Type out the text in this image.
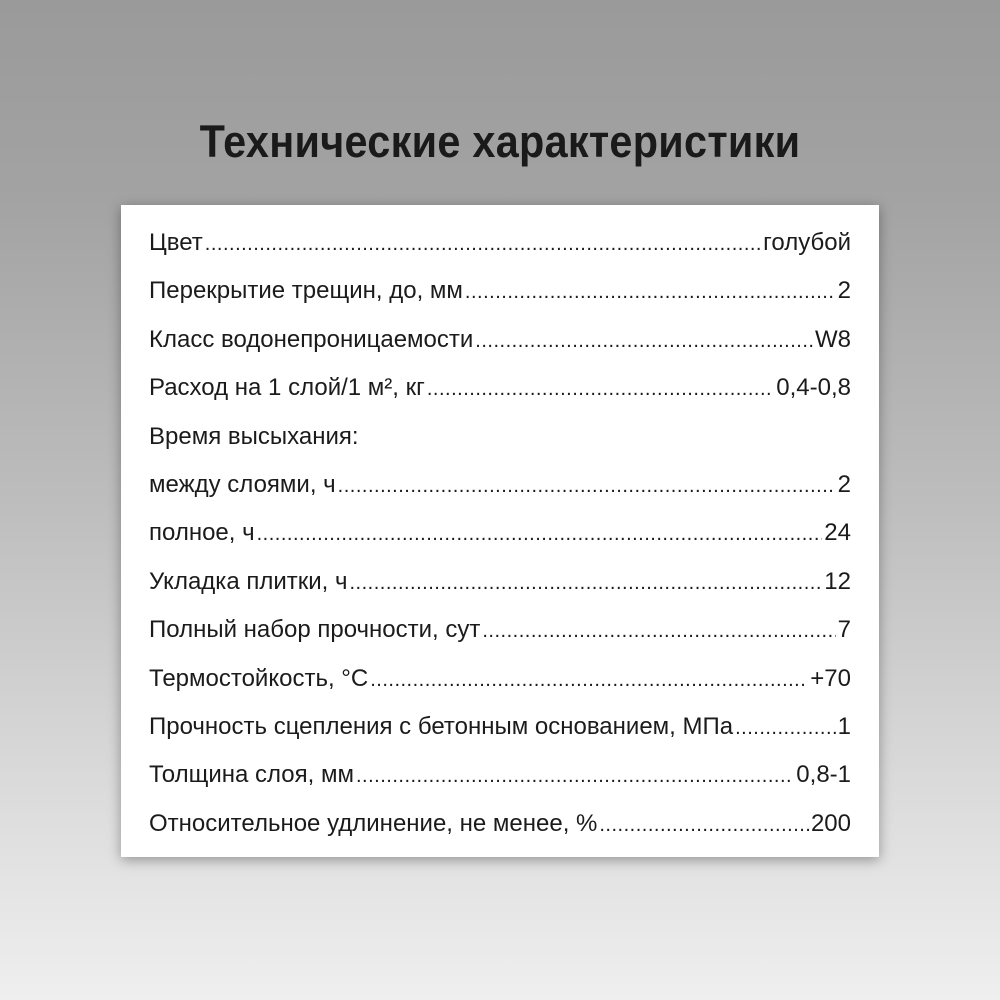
Технические характеристики
Цвет .....	голубой
Перекрытие трещин, до, мм .....	2
Класс водонепроницаемости .....	W8
Расход на 1 слой/1 м², кг .....	0,4-0,8
Время высыхания:
между слоями, ч .....	2
полное, ч .....	24
Укладка плитки, ч .....	12
Полный набор прочности, сут .....	7
Термостойкость, °С .....	+70
Прочность сцепления с бетонным основанием, МПа .....	1
Толщина слоя, мм .....	0,8-1
Относительное удлинение, не менее, % .....	200
